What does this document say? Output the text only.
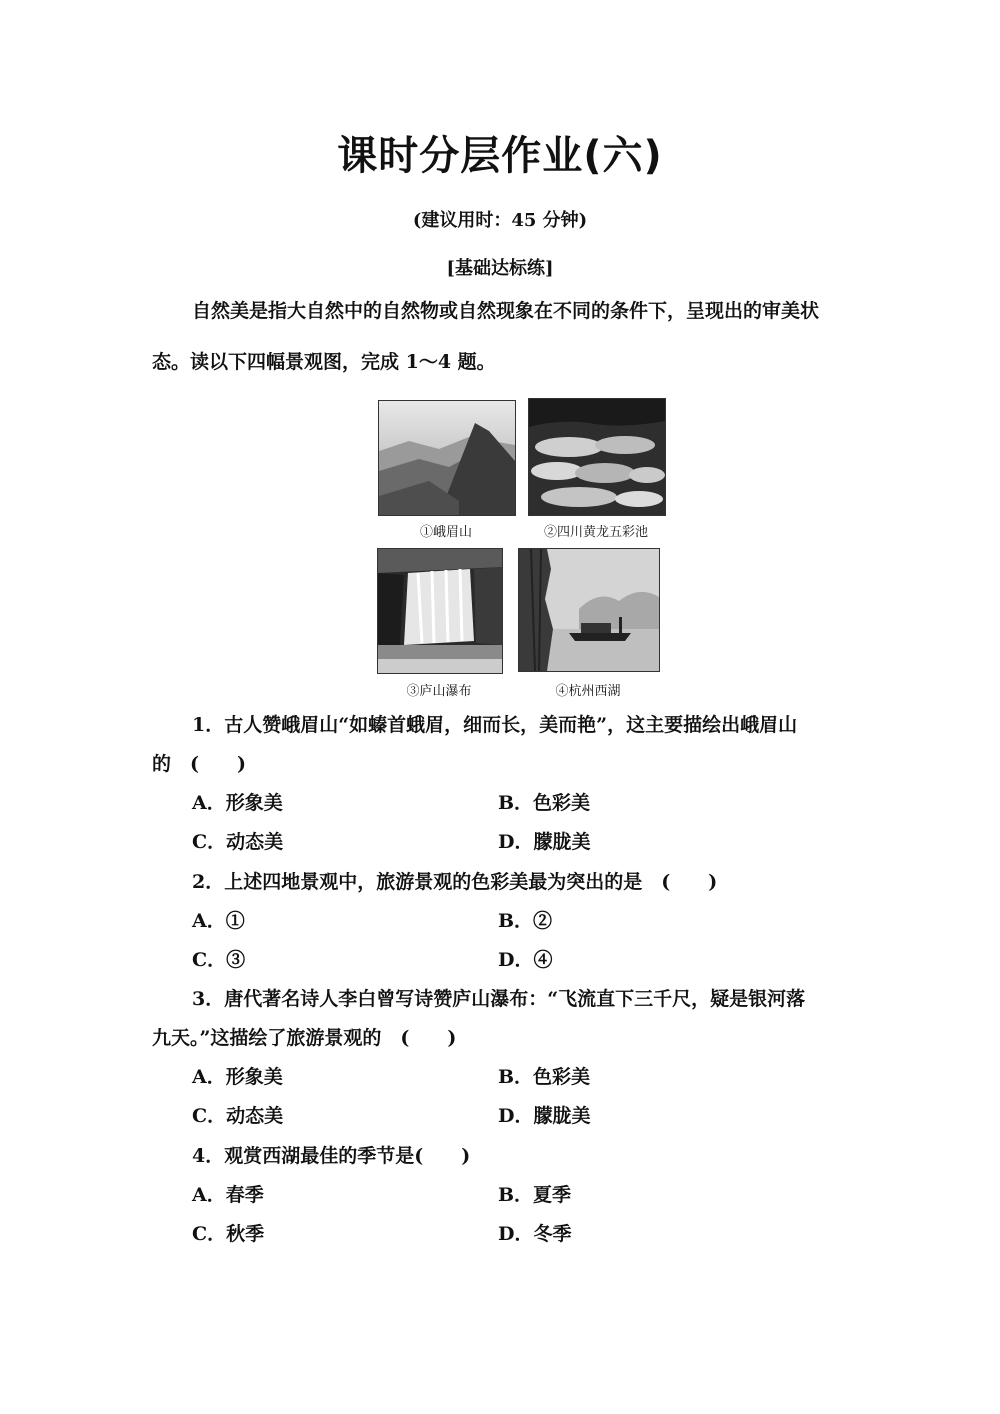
课时分层作业(六)
(建议用时：45 分钟)
[基础达标练]
自然美是指大自然中的自然物或自然现象在不同的条件下，呈现出的审美状
态。读以下四幅景观图，完成 1～4 题。
①峨眉山	②四川黄龙五彩池
③庐山瀑布	④杭州西湖
1．古人赞峨眉山“如螓首蛾眉，细而长，美而艳”，这主要描绘出峨眉山
的　(　　)
A．形象美	B．色彩美
C．动态美	D．朦胧美
2．上述四地景观中，旅游景观的色彩美最为突出的是　(　　)
A．①	B．②
C．③	D．④
3．唐代著名诗人李白曾写诗赞庐山瀑布：“飞流直下三千尺，疑是银河落
九天。”这描绘了旅游景观的　(　　)
A．形象美	B．色彩美
C．动态美	D．朦胧美
4．观赏西湖最佳的季节是(　　)
A．春季	B．夏季
C．秋季	D．冬季
